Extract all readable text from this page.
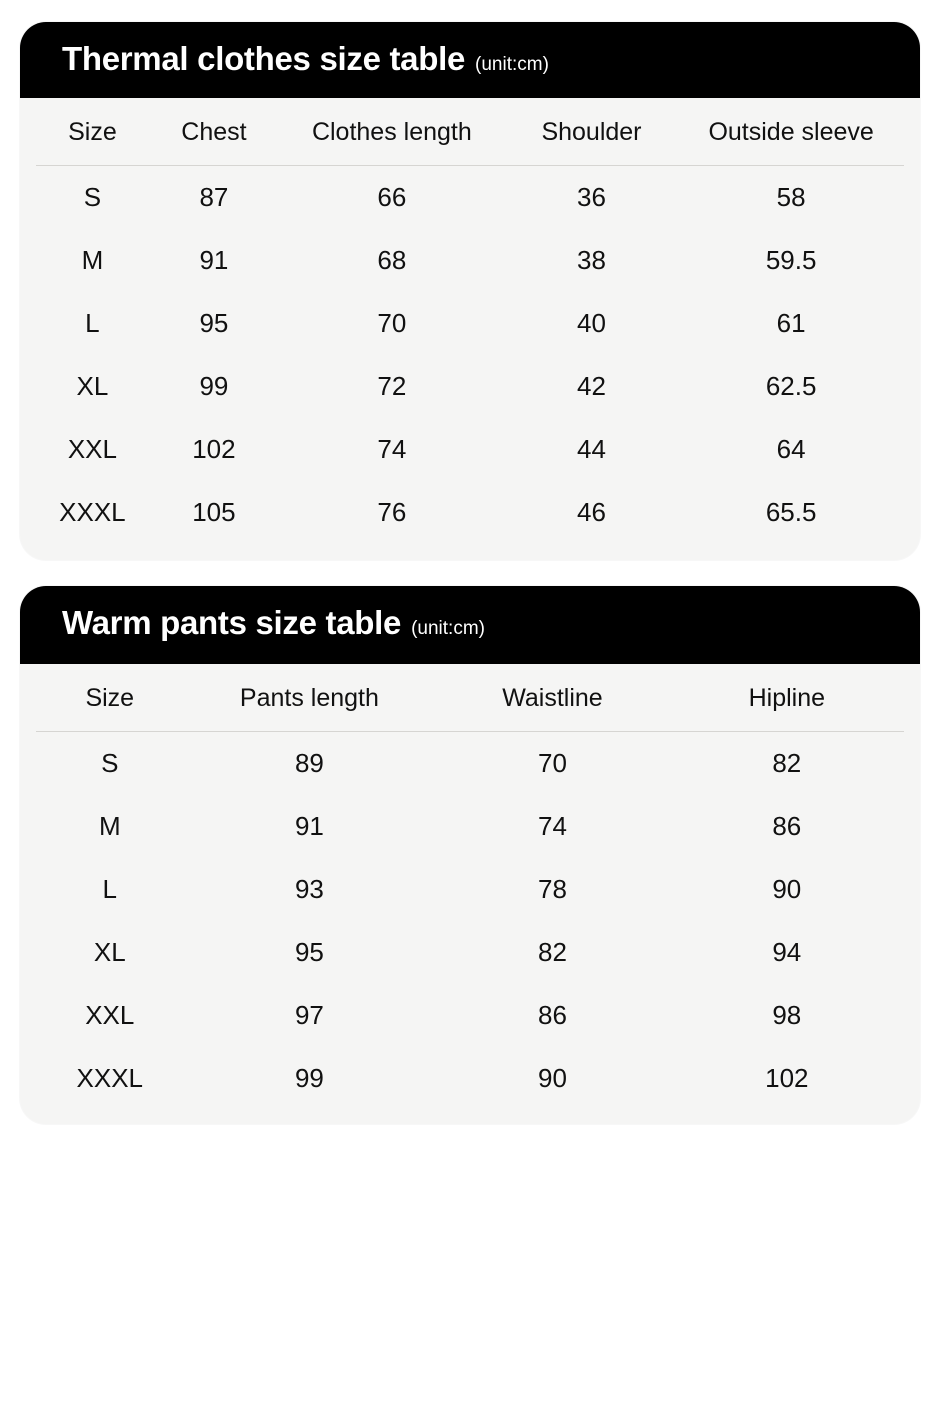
Thermal clothes size table (unit:cm)
Size	Chest	Clothes length	Shoulder	Outside sleeve
S	87	66	36	58
M	91	68	38	59.5
L	95	70	40	61
XL	99	72	42	62.5
XXL	102	74	44	64
XXXL	105	76	46	65.5
Warm pants size table (unit:cm)
Size	Pants length	Waistline	Hipline
S	89	70	82
M	91	74	86
L	93	78	90
XL	95	82	94
XXL	97	86	98
XXXL	99	90	102
